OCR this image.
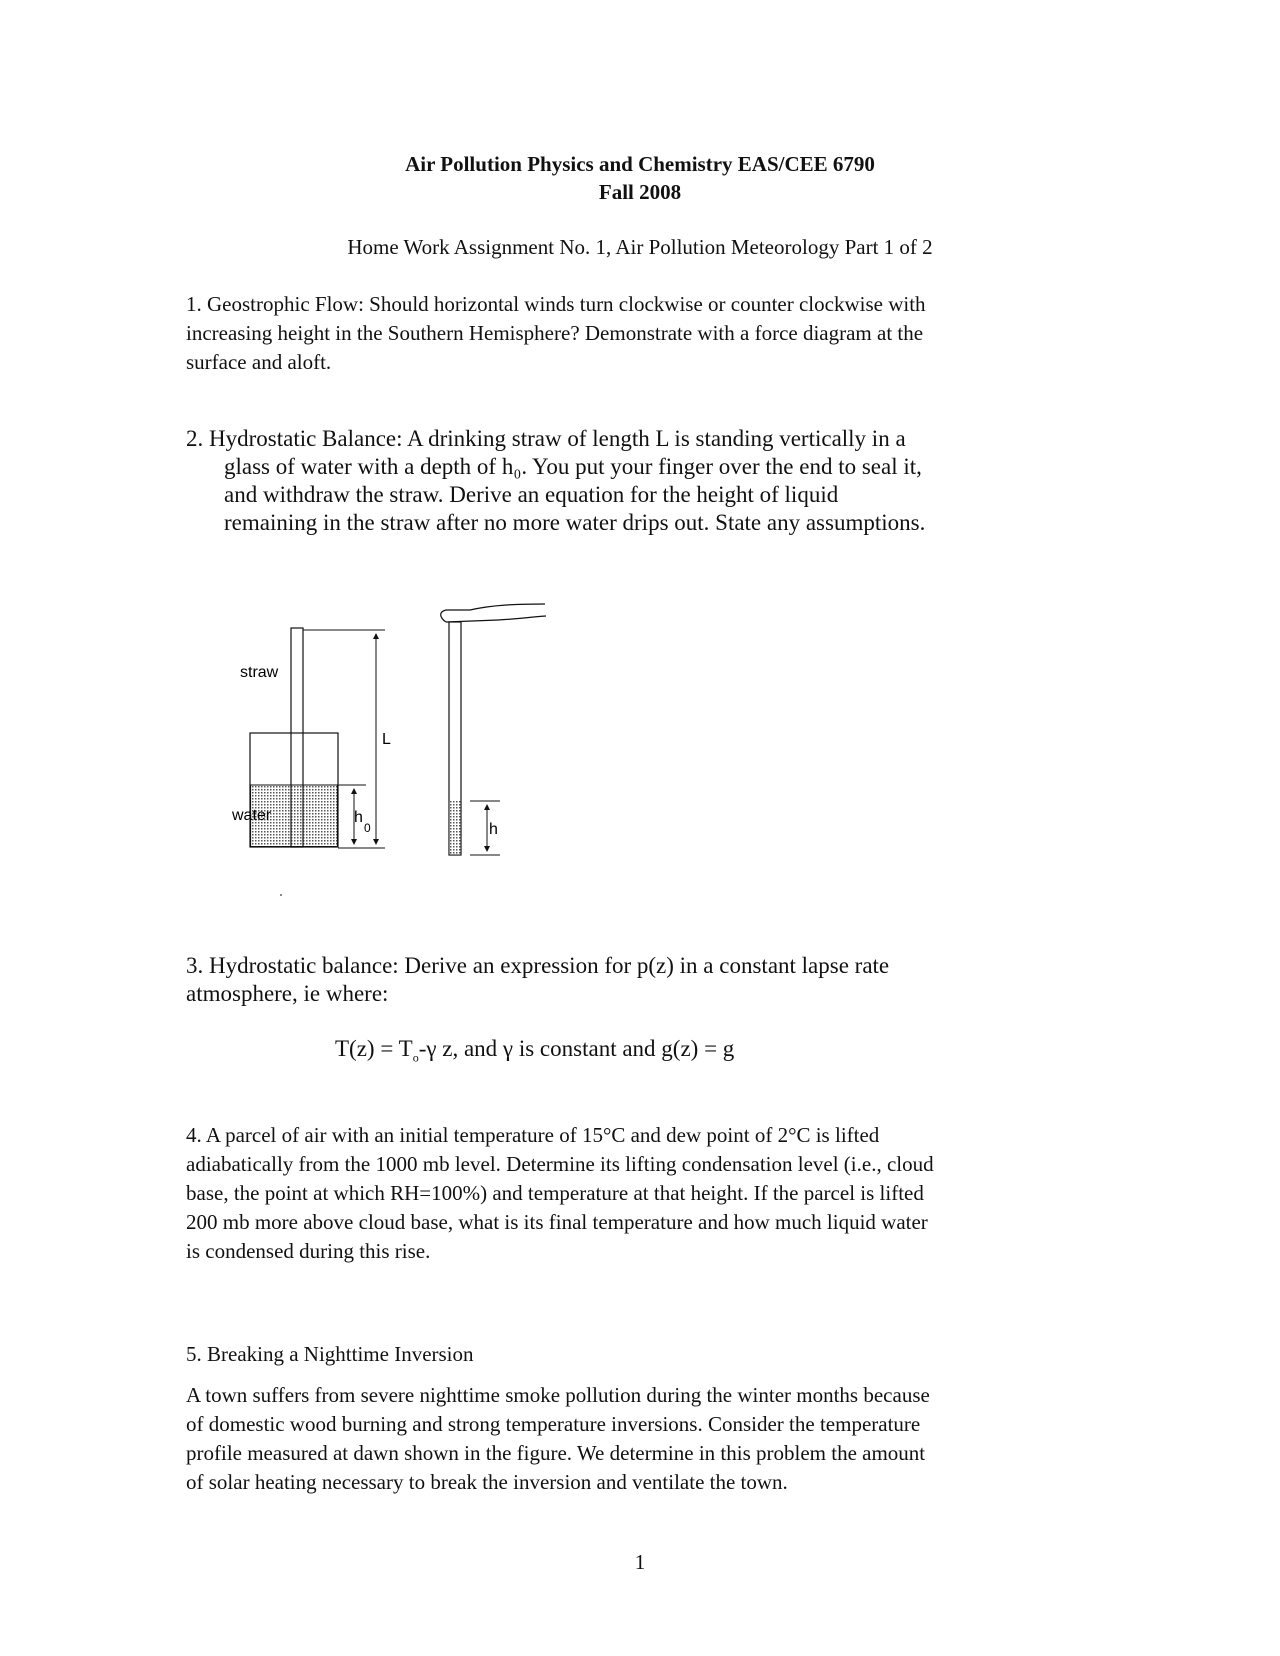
Air Pollution Physics and Chemistry EAS/CEE 6790
Fall 2008
Home Work Assignment No. 1, Air Pollution Meteorology Part 1 of 2
1. Geostrophic Flow: Should horizontal winds turn clockwise or counter clockwise with
increasing height in the Southern Hemisphere? Demonstrate with a force diagram at the
surface and aloft.
2. Hydrostatic Balance: A drinking straw of length L is standing vertically in a
glass of water with a depth of h₀. You put your finger over the end to seal it,
and withdraw the straw. Derive an equation for the height of liquid
remaining in the straw after no more water drips out. State any assumptions.
L
h
0
straw
water
h
3. Hydrostatic balance: Derive an expression for p(z) in a constant lapse rate
atmosphere, ie where:
$T(z) = T_o-\gamma$ z, and γ is constant and g(z) = g
4. A parcel of air with an initial temperature of 15°C and dew point of 2°C is lifted
adiabatically from the 1000 mb level. Determine its lifting condensation level (i.e., cloud
base, the point at which RH=100%) and temperature at that height. If the parcel is lifted
200 mb more above cloud base, what is its final temperature and how much liquid water
is condensed during this rise.
5. Breaking a Nighttime Inversion
A town suffers from severe nighttime smoke pollution during the winter months because
of domestic wood burning and strong temperature inversions. Consider the temperature
profile measured at dawn shown in the figure. We determine in this problem the amount
of solar heating necessary to break the inversion and ventilate the town.
1
